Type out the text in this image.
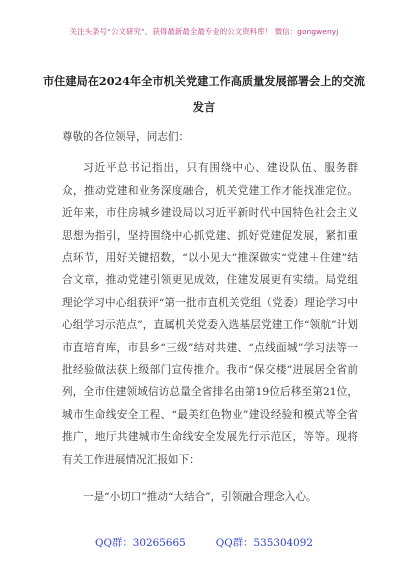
关注头条号“公文研究”，获得最新最全最专业的公文资料库！ 微信：gongwenyj
市住建局在2024年全市机关党建工作高质量发展部署会上的交流发言

尊敬的各位领导，同志们：

习近平总书记指出，只有围绕中心、建设队伍、服务群众，推动党建和业务深度融合，机关党建工作才能找准定位。近年来，市住房城乡建设局以习近平新时代中国特色社会主义思想为指引，坚持围绕中心抓党建、抓好党建促发展，紧扣重点环节，用好关键招数，“以小见大”推深做实“党建＋住建”结合文章，推动党建引领更见成效，住建发展更有实绩。局党组理论学习中心组获评“第一批市直机关党组（党委）理论学习中心组学习示范点”，直属机关党委入选基层党建工作“领航”计划市直培育库，市县乡“三级”结对共建、“点线面城”学习法等一批经验做法获上级部门宣传推介。我市“保交楼”进展居全省前列，全市住建领域信访总量全省排名由第19位后移至第21位，城市生命线安全工程、“最美红色物业”建设经验和模式等全省推广，地厅共建城市生命线安全发展先行示范区，等等。现将有关工作进展情况汇报如下：

一是“小切口”推动“大结合”，引领融合理念入心。

QQ群：30265665	QQ群：535304092
